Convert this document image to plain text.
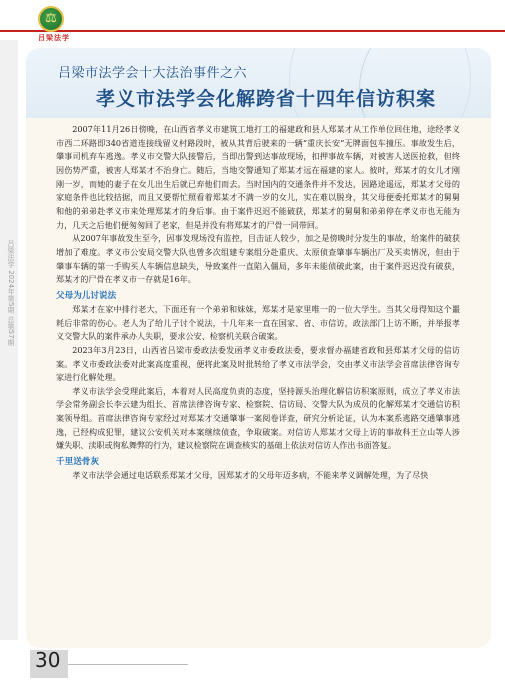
⚖
吕梁法学
吕梁法学 2024年第5期 总第57期
吕梁市法学会十大法治事件之六
孝义市法学会化解跨省十四年信访积案

2007年11月26日傍晚，在山西省孝义市建筑工地打工的福建政和县人郑某才从工作单位回住地，途经孝义市西二环路即340省道连接线留义村路段时，被从其背后驶来的一辆“重庆长安”无牌面包车撞压。事故发生后，肇事司机弃车逃逸。孝义市交警大队接警后，当即出警到达事故现场，扣押事故车辆，对被害人送医抢救，但终因伤势严重，被害人郑某才不治身亡。随后，当地交警通知了郑某才远在福建的家人。彼时，郑某才的女儿才刚刚一岁，而她的妻子在女儿出生后就已弃他们而去。当时国内的交通条件并不发达，因路途遥远，郑某才父母的家庭条件也比较拮据，而且又要帮忙照看着郑某才不满一岁的女儿，实在难以脱身，其父母便委托郑某才的舅舅和他的弟弟赴孝义市来处理郑某才的身后事。由于案件迟迟不能破获，郑某才的舅舅和弟弟停在孝义市也无能为力，几天之后他们便匆匆回了老家，但是并没有将郑某才的尸骨一同带回。

从2007年事故发生至今，因事发现场没有监控，目击证人较少，加之是傍晚时分发生的事故，给案件的破获增加了难度。孝义市公安局交警大队也曾多次组建专案组分赴重庆、太原侦查肇事车辆出厂及买卖情况，但由于肇事车辆的第一手购买人车辆信息缺失，导致案件一直陷入僵局，多年未能侦破此案，由于案件迟迟没有破获，郑某才的尸骨在孝义市一存就是16年。

父母为儿讨说法

郑某才在家中排行老大，下面还有一个弟弟和妹妹，郑某才是家里唯一的一位大学生。当其父母得知这个噩耗后非常的伤心。老人为了给儿子讨个说法，十几年来一直在国家、省、市信访，政法部门上访不断，并举报孝义交警大队的案件承办人失职，要求公安、检察机关联合破案。

2023年3月23日，山西省吕梁市委政法委发函孝义市委政法委，要求督办福建省政和县郑某才父母的信访案。孝义市委政法委对此案高度重视，便将此案及时批转给了孝义市法学会，交由孝义市法学会首席法律咨询专家进行化解处理。

孝义市法学会受理此案后，本着对人民高度负责的态度，坚持源头治理化解信访积案原则，成立了孝义市法学会常务副会长李云建为组长、首席法律咨询专家、检察院、信访局、交警大队为成员的化解郑某才交通信访积案领导组。首席法律咨询专家经过对郑某才交通肇事一案阅卷详查，研究分析论证，认为本案系逃路交通肇事逃逸，已经构成犯罪，建议公安机关对本案继续侦查，争取破案。对信访人郑某才父母上访的事故科王立山等人涉嫌失职、渎职或徇私舞弊的行为，建议检察院在调查核实的基础上依法对信访人作出书面答复。

千里送骨灰

孝义市法学会通过电话联系郑某才父母，因郑某才的父母年迈多病，不能来孝义调解处理，为了尽快

30
